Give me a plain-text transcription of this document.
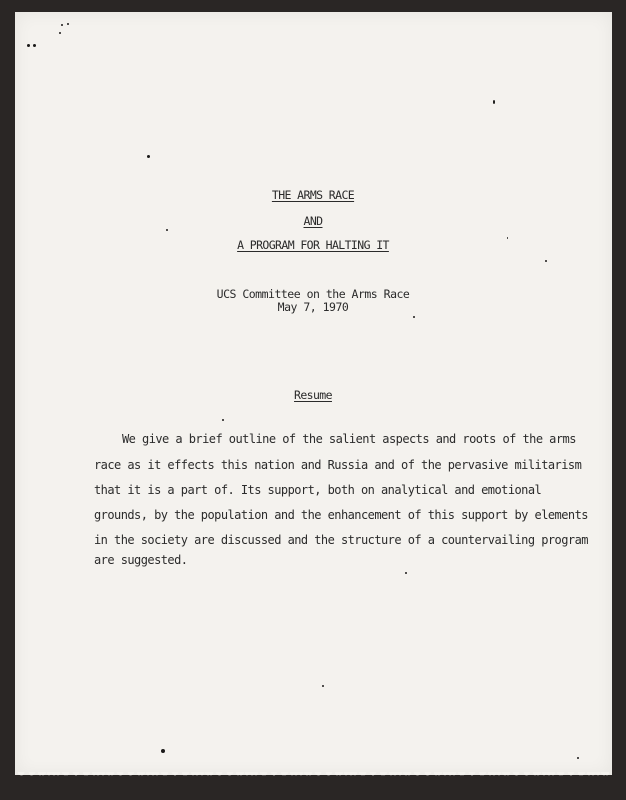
THE ARMS RACE
AND
A PROGRAM FOR HALTING IT
UCS Committee on the Arms Race
May 7, 1970
Resume
We give a brief outline of the salient aspects and roots of the arms
race as it effects this nation and Russia and of the pervasive militarism
that it is a part of. Its support, both on analytical and emotional
grounds, by the population and the enhancement of this support by elements
in the society are discussed and the structure of a countervailing program
are suggested.
